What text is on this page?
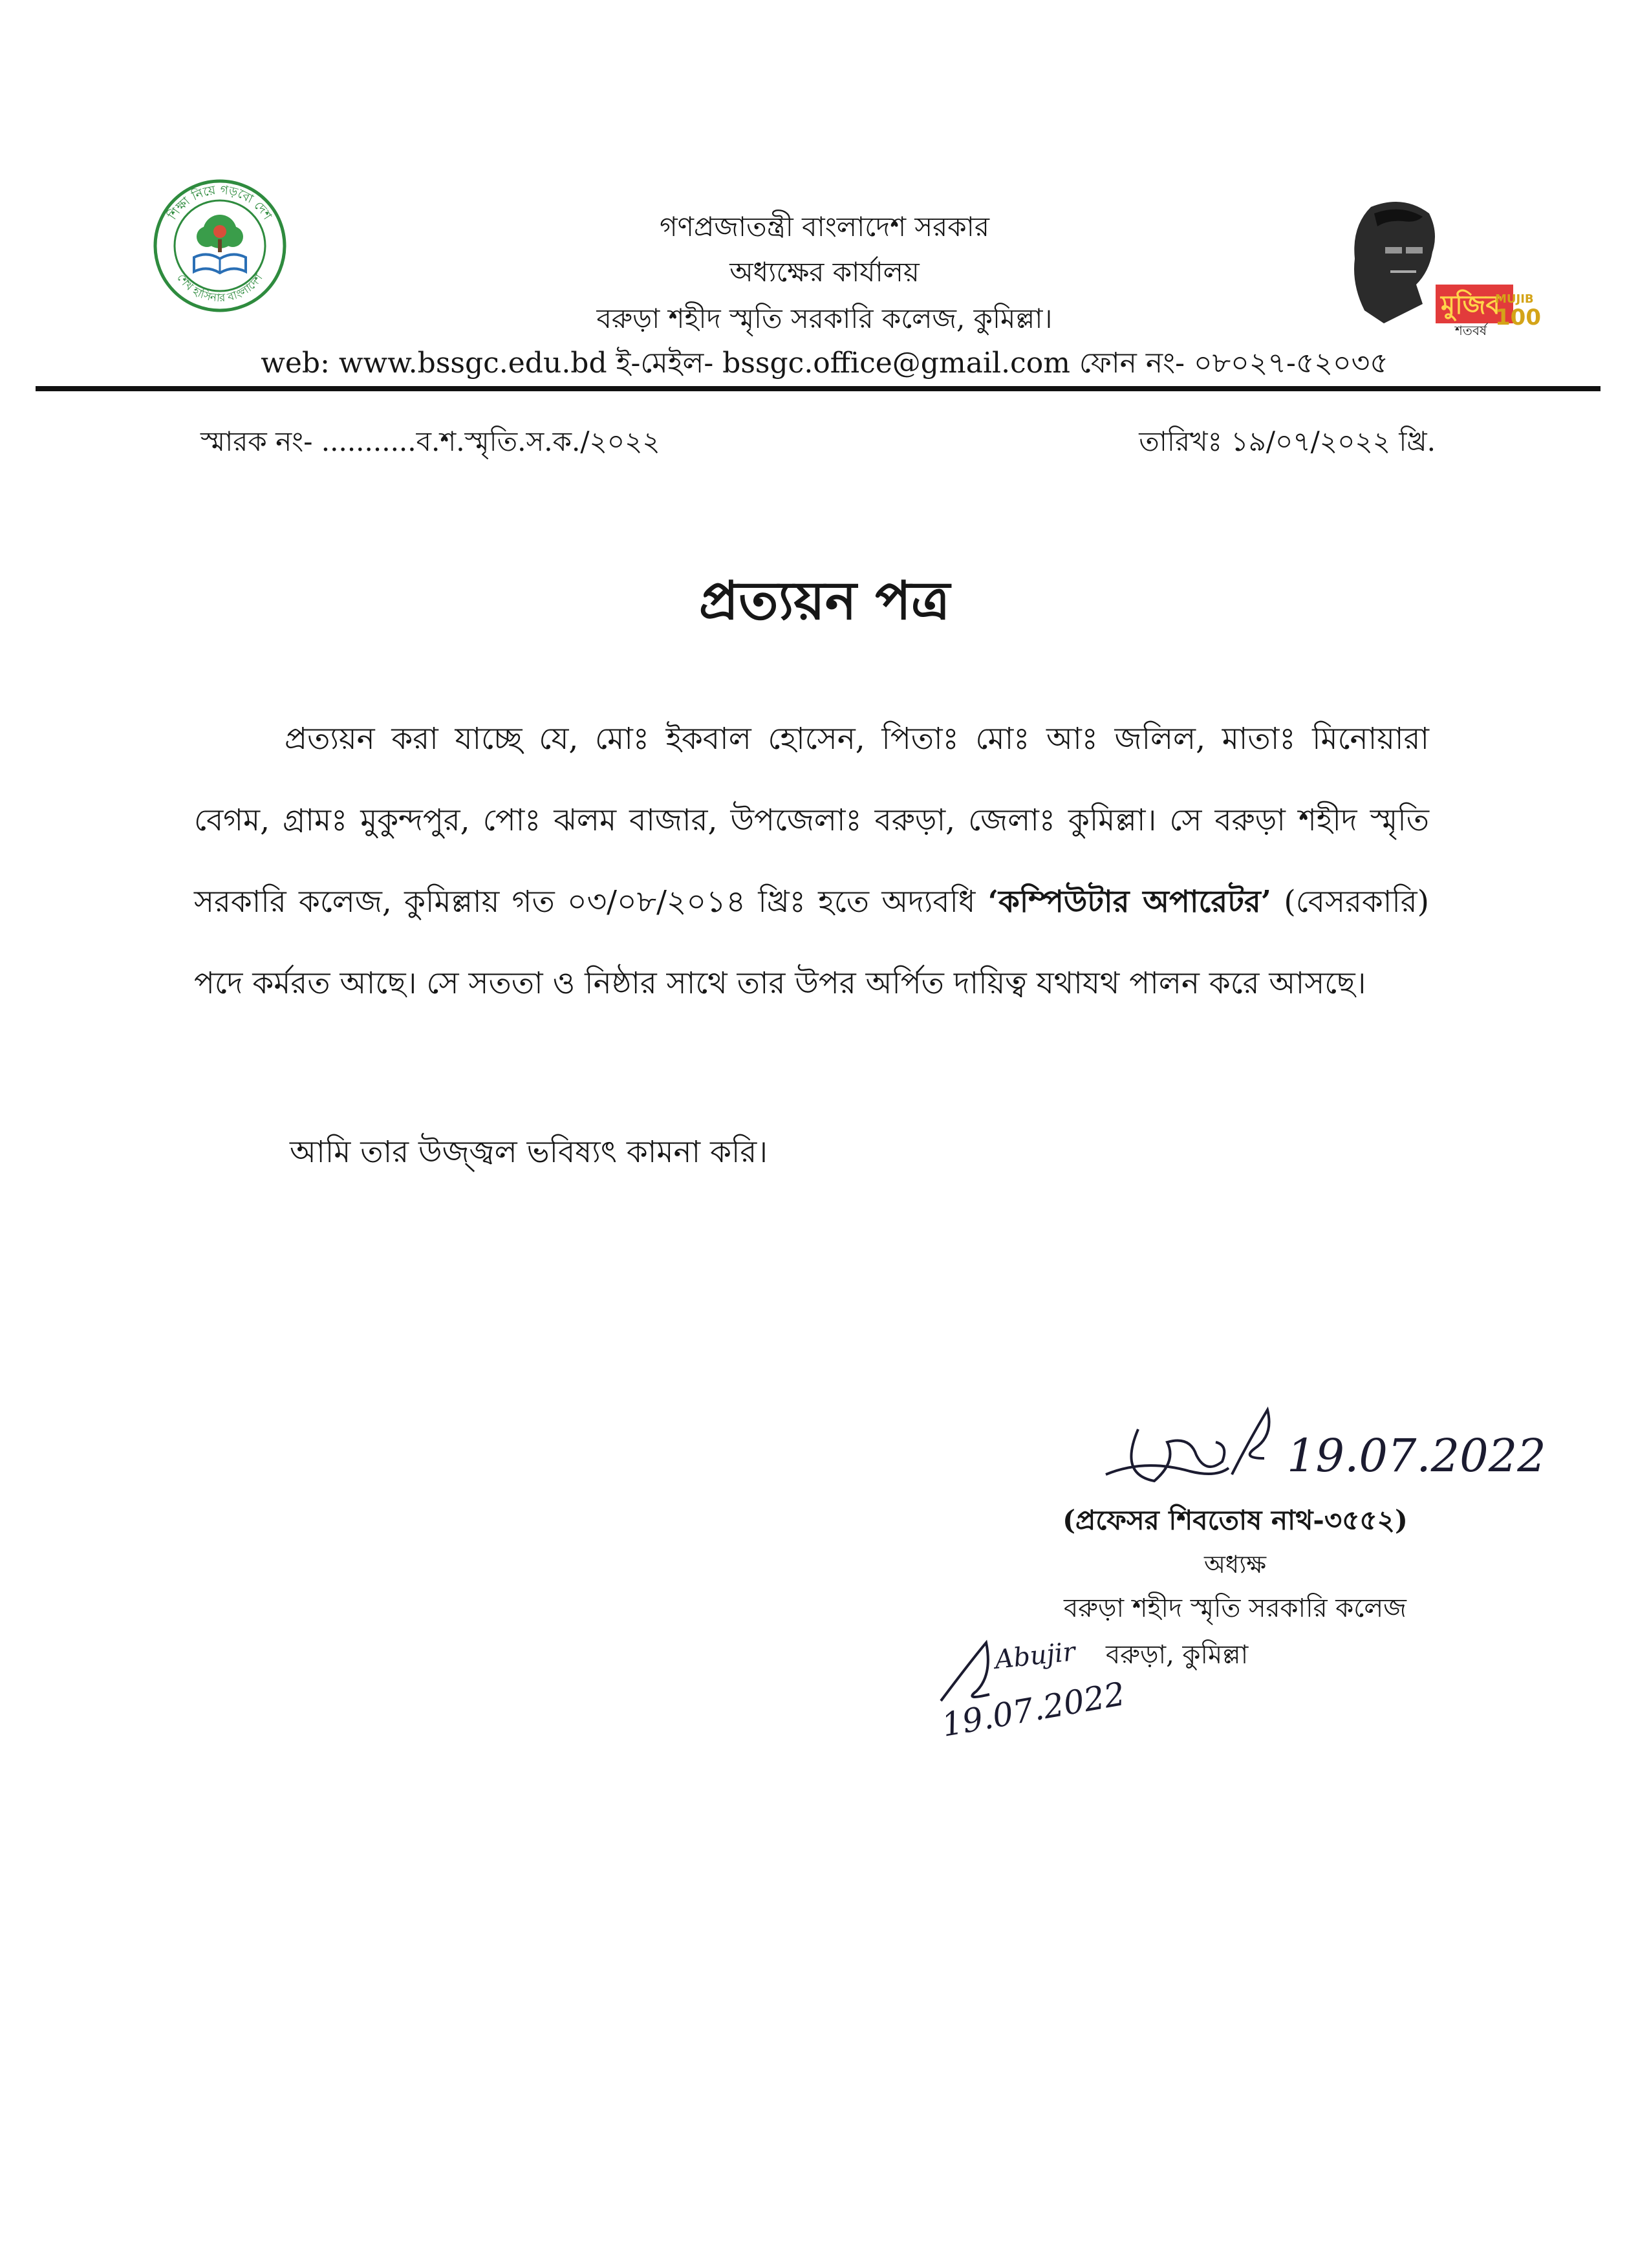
শিক্ষা নিয়ে গড়বো দেশ
শেখ হাসিনার বাংলাদেশ
গণপ্রজাতন্ত্রী বাংলাদেশ সরকার
অধ্যক্ষের কার্যালয়
বরুড়া শহীদ স্মৃতি সরকারি কলেজ, কুমিল্লা।
web: www.bssgc.edu.bd ই-মেইল- bssgc.office@gmail.com ফোন নং- ০৮০২৭-৫২০৩৫
মুজিব
শতবর্ষ
MUJIB
100
স্মারক নং- ...........ব.শ.স্মৃতি.স.ক./২০২২	তারিখঃ ১৯/০৭/২০২২ খ্রি.
প্রত্যয়ন পত্র
প্রত্যয়ন করা যাচ্ছে যে, মোঃ ইকবাল হোসেন, পিতাঃ মোঃ আঃ জলিল, মাতাঃ মিনোয়ারা বেগম, গ্রামঃ মুকুন্দপুর, পোঃ ঝলম বাজার, উপজেলাঃ বরুড়া, জেলাঃ কুমিল্লা। সে বরুড়া শহীদ স্মৃতি সরকারি কলেজ, কুমিল্লায় গত ০৩/০৮/২০১৪ খ্রিঃ হতে অদ্যবধি ‘কম্পিউটার অপারেটর’ (বেসরকারি) পদে কর্মরত আছে। সে সততা ও নিষ্ঠার সাথে তার উপর অর্পিত দায়িত্ব যথাযথ পালন করে আসছে।
আমি তার উজ্জ্বল ভবিষ্যৎ কামনা করি।
19.07.2022
(প্রফেসর শিবতোষ নাথ-৩৫৫২)
অধ্যক্ষ
বরুড়া শহীদ স্মৃতি সরকারি কলেজ
বরুড়া, কুমিল্লা
Abujir
19.07.2022
